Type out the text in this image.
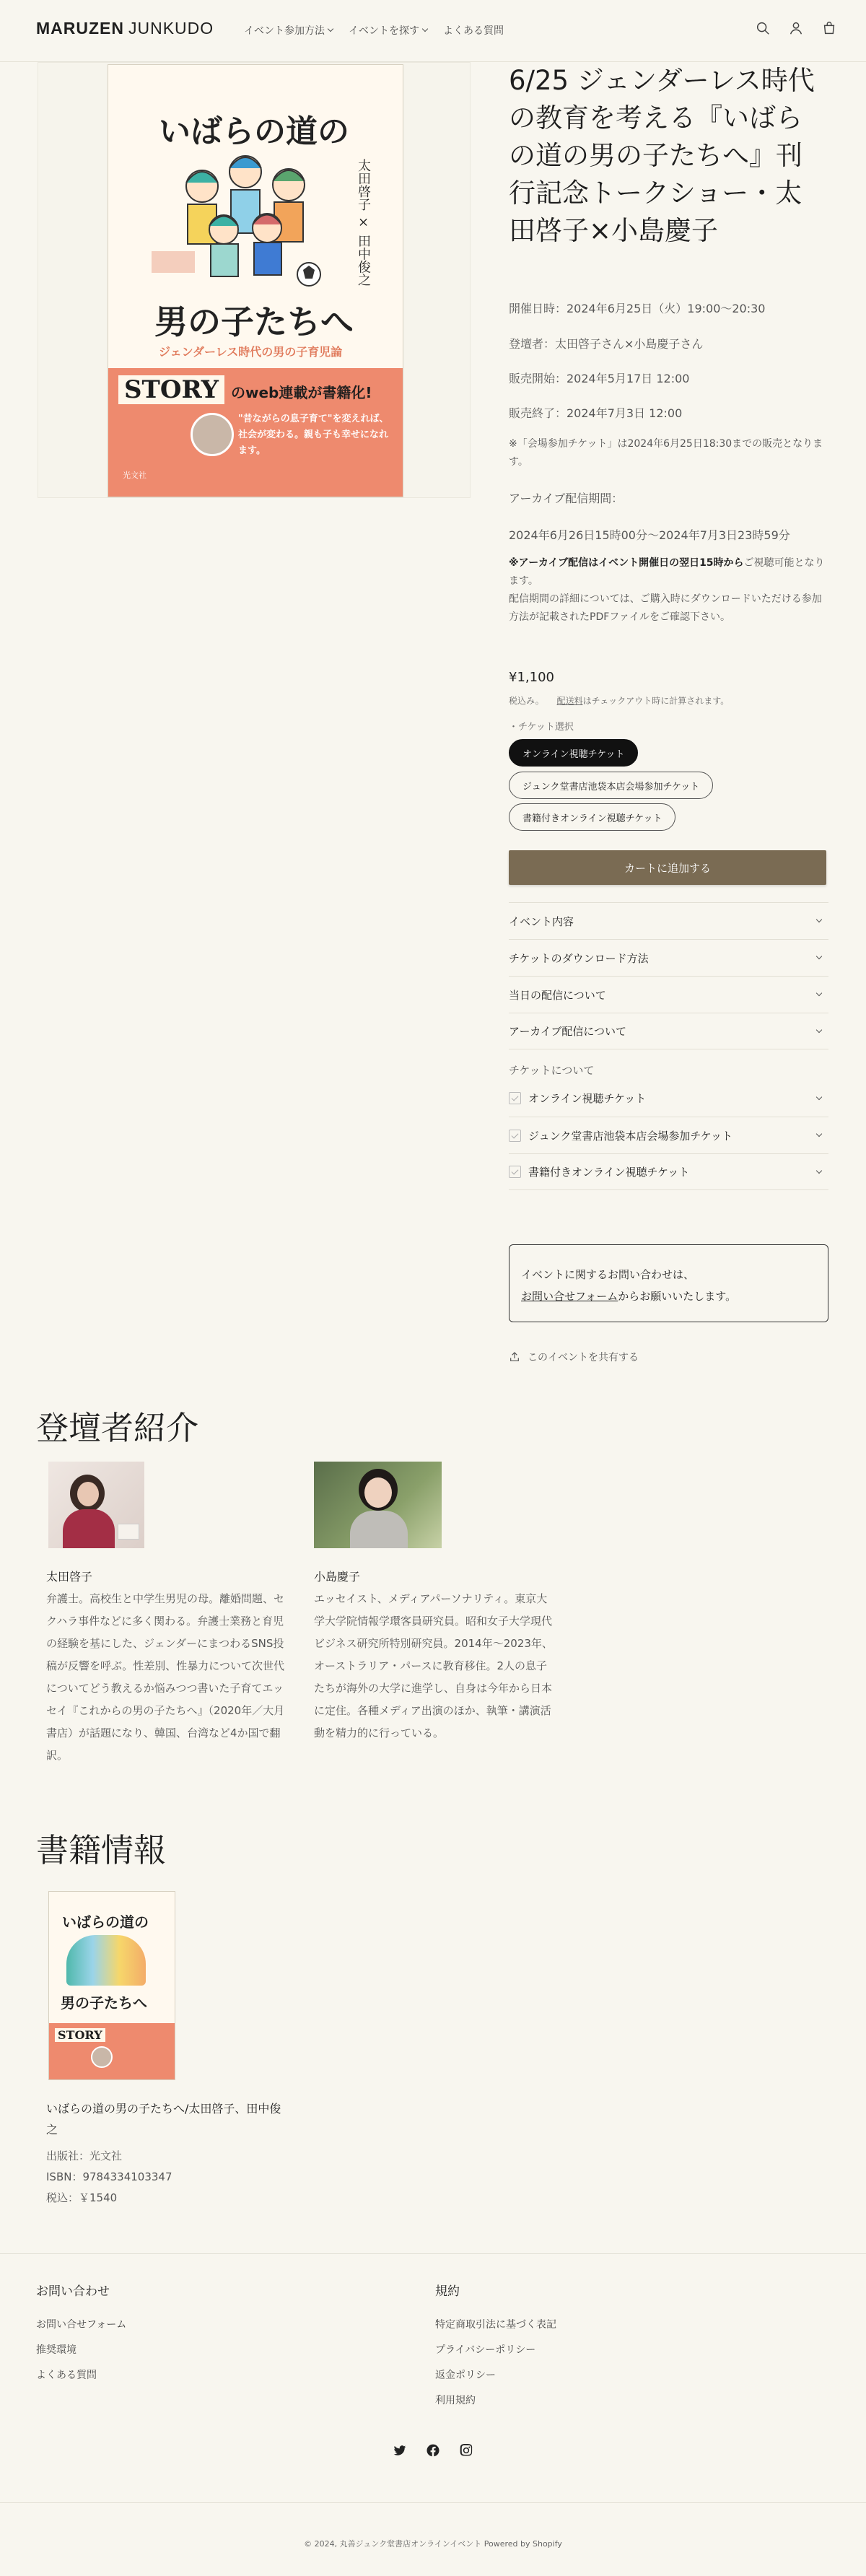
MARUZEN JUNKUDO	イベント参加方法 イベントを探す よくある質問
いばらの道の
太田啓子 × 田中俊之
男の子たちへ
ジェンダーレス時代の男の子育児論
STORY のweb連載が書籍化!
"昔ながらの息子育て"を変えれば、社会が変わる。親も子も幸せになれます。
光文社
6/25 ジェンダーレス時代の教育を考える『いばらの道の男の子たちへ』刊行記念トークショー・太田啓子×小島慶子
開催日時：2024年6月25日（火）19:00〜20:30
登壇者：太田啓子さん×小島慶子さん
販売開始：2024年5月17日 12:00
販売終了：2024年7月3日 12:00
※「会場参加チケット」は2024年6月25日18:30までの販売となります。
アーカイブ配信期間：
2024年6月26日15時00分〜2024年7月3日23時59分
※アーカイブ配信はイベント開催日の翌日15時からご視聴可能となります。
配信期間の詳細については、ご購入時にダウンロードいただける参加方法が記載されたPDFファイルをご確認下さい。
¥1,100
税込み。 配送料はチェックアウト時に計算されます。
・チケット選択
オンライン視聴チケット
ジュンク堂書店池袋本店会場参加チケット
書籍付きオンライン視聴チケット
カートに追加する
イベント内容
チケットのダウンロード方法
当日の配信について
アーカイブ配信について
チケットについて
オンライン視聴チケット
ジュンク堂書店池袋本店会場参加チケット
書籍付きオンライン視聴チケット
イベントに関するお問い合わせは、
お問い合せフォームからお願いいたします。
このイベントを共有する
登壇者紹介
太田啓子
弁護士。高校生と中学生男児の母。離婚問題、セクハラ事件などに多く関わる。弁護士業務と育児の経験を基にした、ジェンダーにまつわるSNS投稿が反響を呼ぶ。性差別、性暴力について次世代についてどう教えるか悩みつつ書いた子育てエッセイ『これからの男の子たちへ』（2020年／大月書店）が話題になり、韓国、台湾など4か国で翻訳。
小島慶子
エッセイスト、メディアパーソナリティ。東京大学大学院情報学環客員研究員。昭和女子大学現代ビジネス研究所特別研究員。2014年〜2023年、オーストラリア・パースに教育移住。2人の息子たちが海外の大学に進学し、自身は今年から日本に定住。各種メディア出演のほか、執筆・講演活動を精力的に行っている。
書籍情報
いばらの道の
男の子たちへ
STORY
いばらの道の男の子たちへ/太田啓子、田中俊之
出版社：光文社
ISBN：9784334103347
税込：￥1540
お問い合わせ
お問い合せフォーム
推奨環境
よくある質問
規約
特定商取引法に基づく表記
プライバシーポリシー
返金ポリシー
利用規約
© 2024, 丸善ジュンク堂書店オンラインイベント Powered by Shopify
